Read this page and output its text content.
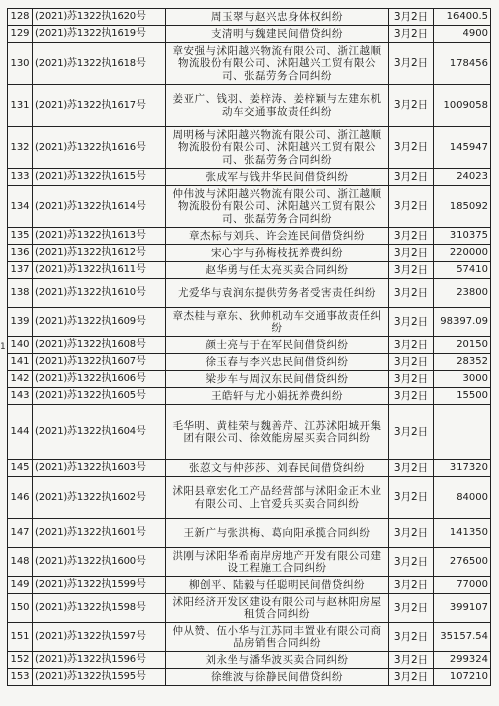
1
128	(2021)苏1322执1620号	周玉翠与赵兴忠身体权纠纷	3月2日	16400.5
129	(2021)苏1322执1619号	支清明与魏建民间借贷纠纷	3月2日	4900
130	(2021)苏1322执1618号	章安强与沭阳越兴物流有限公司、浙江越顺物流股份有限公司、沭阳越兴工贸有限公司、张磊劳务合同纠纷	3月2日	178456
131	(2021)苏1322执1617号	姜亚广、钱羽、姜梓涛、姜梓颖与左建东机动车交通事故责任纠纷	3月2日	1009058
132	(2021)苏1322执1616号	周明杨与沭阳越兴物流有限公司、浙江越顺物流股份有限公司、沭阳越兴工贸有限公司、张磊劳务合同纠纷	3月2日	145947
133	(2021)苏1322执1615号	张成军与钱井华民间借贷纠纷	3月2日	24023
134	(2021)苏1322执1614号	仲伟波与沭阳越兴物流有限公司、浙江越顺物流股份有限公司、沭阳越兴工贸有限公司、张磊劳务合同纠纷	3月2日	185092
135	(2021)苏1322执1613号	章杰标与刘兵、许会连民间借贷纠纷	3月2日	310375
136	(2021)苏1322执1612号	宋心宇与孙梅枝抚养费纠纷	3月2日	220000
137	(2021)苏1322执1611号	赵华勇与任太亮买卖合同纠纷	3月2日	57410
138	(2021)苏1322执1610号	尤爱华与袁润东提供劳务者受害责任纠纷	3月2日	23800
139	(2021)苏1322执1609号	章杰桂与章东、狄帅机动车交通事故责任纠纷	3月2日	98397.09
140	(2021)苏1322执1608号	颜士亮与于在军民间借贷纠纷	3月2日	20150
141	(2021)苏1322执1607号	徐玉春与李兴忠民间借贷纠纷	3月2日	28352
142	(2021)苏1322执1606号	梁步车与周汉东民间借贷纠纷	3月2日	3000
143	(2021)苏1322执1605号	王皓轩与尤小娟抚养费纠纷	3月2日	15500
144	(2021)苏1322执1604号	毛华明、黄桂荣与魏善芹、江苏沭阳城开集团有限公司、徐效能房屋买卖合同纠纷	3月2日	
145	(2021)苏1322执1603号	张荵文与仲莎莎、刘春民间借贷纠纷	3月2日	317320
146	(2021)苏1322执1602号	沭阳县章宏化工产品经营部与沭阳金正木业有限公司、上官爱兵买卖合同纠纷	3月2日	84000
147	(2021)苏1322执1601号	王新广与张洪梅、葛向阳承揽合同纠纷	3月2日	141350
148	(2021)苏1322执1600号	洪刚与沭阳华希南岸房地产开发有限公司建设工程施工合同纠纷	3月2日	276500
149	(2021)苏1322执1599号	柳创平、陆毅与任聪明民间借贷纠纷	3月2日	77000
150	(2021)苏1322执1598号	沭阳经济开发区建设有限公司与赵林阳房屋租赁合同纠纷	3月2日	399107
151	(2021)苏1322执1597号	仲从赞、伍小华与江苏同丰置业有限公司商品房销售合同纠纷	3月2日	35157.54
152	(2021)苏1322执1596号	刘永坐与潘华波买卖合同纠纷	3月2日	299324
153	(2021)苏1322执1595号	徐维波与徐静民间借贷纠纷	3月2日	107210
